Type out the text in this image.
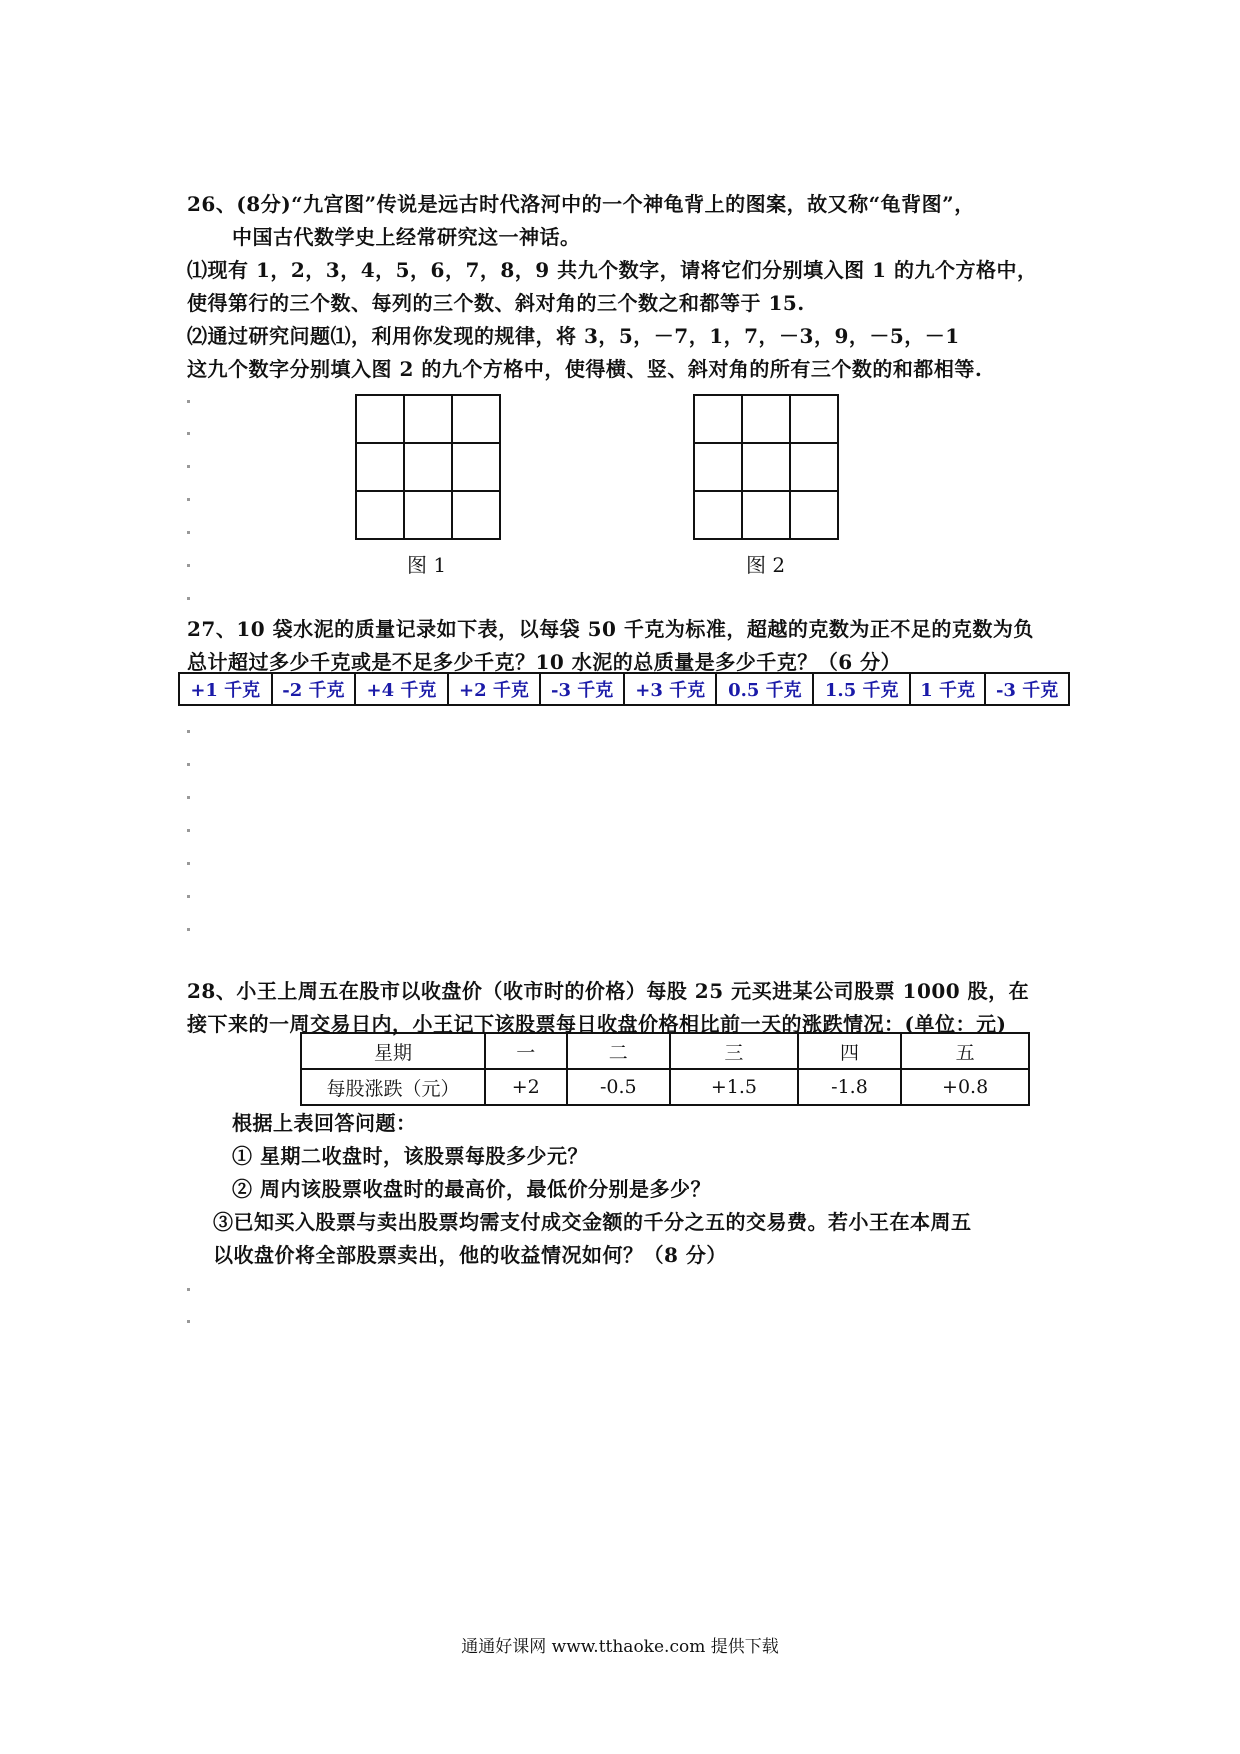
26、(8分)“九宫图”传说是远古时代洛河中的一个神龟背上的图案，故又称“龟背图”，
中国古代数学史上经常研究这一神话。
⑴现有 1，2，3，4，5，6，7，8，9 共九个数字，请将它们分别填入图 1 的九个方格中，
使得第行的三个数、每列的三个数、斜对角的三个数之和都等于 15.
⑵通过研究问题⑴，利用你发现的规律，将 3，5，－7，1，7，－3，9，－5，－1
这九个数字分别填入图 2 的九个方格中，使得横、竖、斜对角的所有三个数的和都相等.

图 1

			图 2
27、10 袋水泥的质量记录如下表，以每袋 50 千克为标准，超越的克数为正不足的克数为负
总计超过多少千克或是不足多少千克？10 水泥的总质量是多少千克？（6 分）
+1 千克	-2 千克	+4 千克	+2 千克	-3 千克	+3 千克	0.5 千克	1.5 千克	1 千克	-3 千克
28、小王上周五在股市以收盘价（收市时的价格）每股 25 元买进某公司股票 1000 股，在
接下来的一周交易日内，小王记下该股票每日收盘价格相比前一天的涨跌情况：(单位：元)
星期	一	二	三	四	五
每股涨跌（元）	+2	-0.5	+1.5	-1.8	+0.8
根据上表回答问题：
① 星期二收盘时，该股票每股多少元？
② 周内该股票收盘时的最高价，最低价分别是多少？
③已知买入股票与卖出股票均需支付成交金额的千分之五的交易费。若小王在本周五
以收盘价将全部股票卖出，他的收益情况如何？（8 分）
通通好课网 www.tthaoke.com 提供下载
